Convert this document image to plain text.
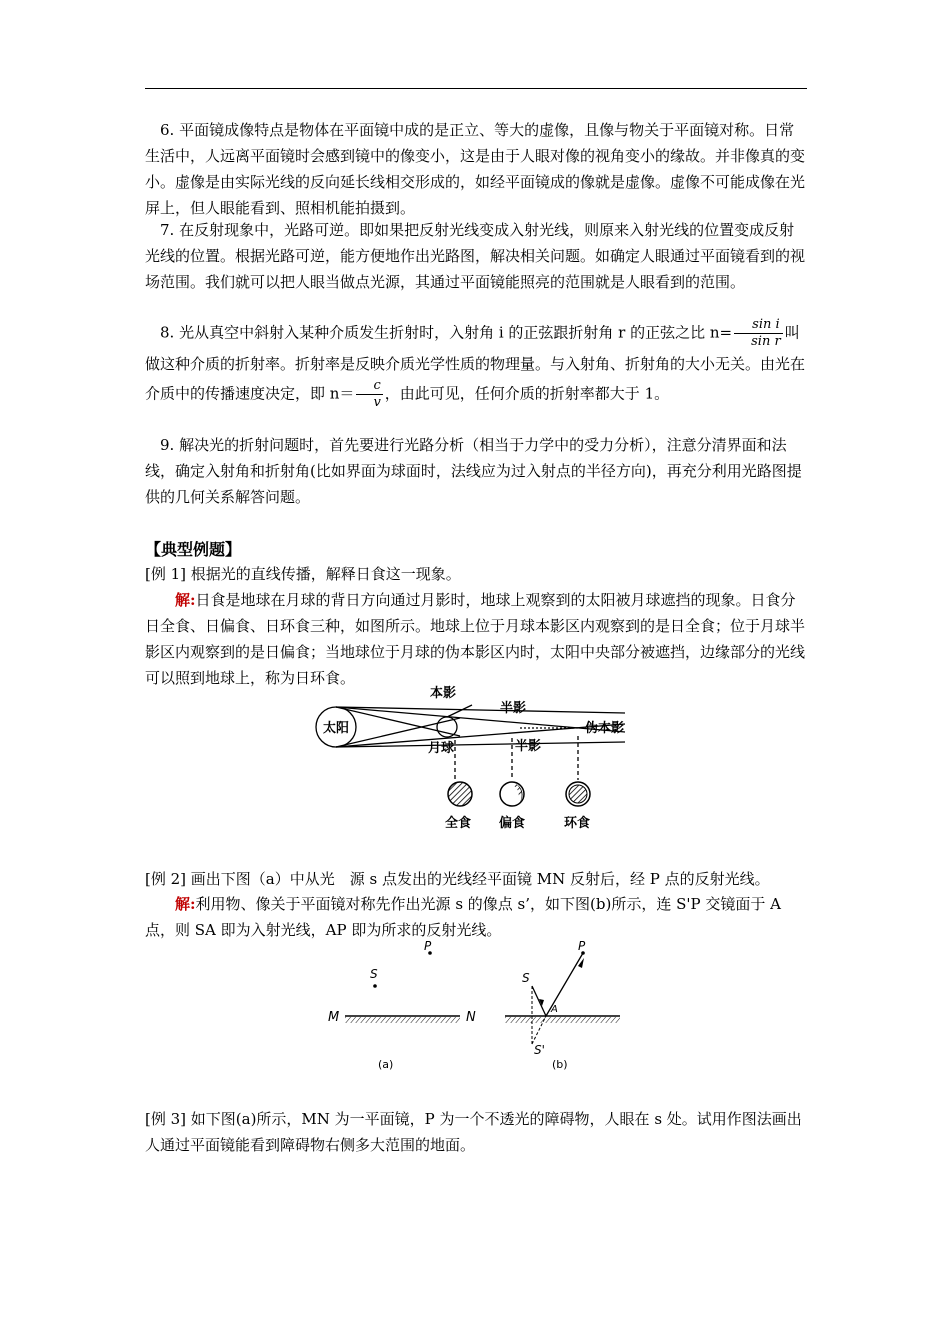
6. 平面镜成像特点是物体在平面镜中成的是正立、等大的虚像，且像与物关于平面镜对称。日常生活中，人远离平面镜时会感到镜中的像变小，这是由于人眼对像的视角变小的缘故。并非像真的变小。虚像是由实际光线的反向延长线相交形成的，如经平面镜成的像就是虚像。虚像不可能成像在光屏上，但人眼能看到、照相机能拍摄到。

7. 在反射现象中，光路可逆。即如果把反射光线变成入射光线，则原来入射光线的位置变成反射光线的位置。根据光路可逆，能方便地作出光路图，解决相关问题。如确定人眼通过平面镜看到的视场范围。我们就可以把人眼当做点光源，其通过平面镜能照亮的范围就是人眼看到的范围。

8. 光从真空中斜射入某种介质发生折射时，入射角 i 的正弦跟折射角 r 的正弦之比 $n= \frac{\text{sin i}}{\text{sin r}}$ 叫做这种介质的折射率。折射率是反映介质光学性质的物理量。与入射角、折射角的大小无关。由光在介质中的传播速度决定，即 $n= \frac{c}{v}$ ，由此可见，任何介质的折射率都大于 1。

9. 解决光的折射问题时，首先要进行光路分析（相当于力学中的受力分析），注意分清界面和法线，确定入射角和折射角(比如界面为球面时，法线应为过入射点的半径方向)，再充分利用光路图提供的几何关系解答问题。

【典型例题】

[例 1] 根据光的直线传播，解释日食这一现象。

解:日食是地球在月球的背日方向通过月影时，地球上观察到的太阳被月球遮挡的现象。日食分日全食、日偏食、日环食三种，如图所示。地球上位于月球本影区内观察到的是日全食；位于月球半影区内观察到的是日偏食；当地球位于月球的伪本影区内时，太阳中央部分被遮挡，边缘部分的光线可以照到地球上，称为日环食。

太阳
本影
半影
伪本影
半影
月球
全食 偏食	环食

[例 2] 画出下图（a）中从光　源 s 点发出的光线经平面镜 MN 反射后，经 P 点的反射光线。

解:利用物、像关于平面镜对称先作出光源 s 的像点 s’，如下图(b)所示，连 S'P 交镜面于 A 点，则 SA 即为入射光线，AP 即为所求的反射光线。

P
S
M	N
(a)
P
S
A
S'
(b)

[例 3] 如下图(a)所示，MN 为一平面镜，P 为一个不透光的障碍物，人眼在 s 处。试用作图法画出人通过平面镜能看到障碍物右侧多大范围的地面。
